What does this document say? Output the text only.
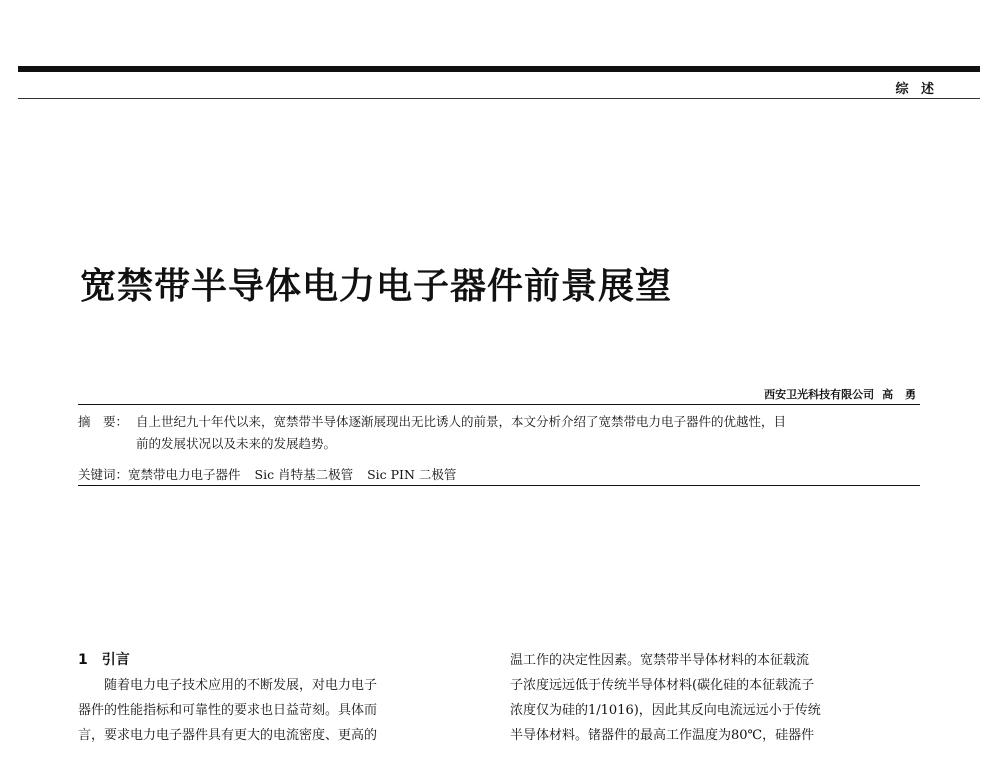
综 述
宽禁带半导体电力电子器件前景展望
西安卫光科技有限公司 高 勇
摘　要： 自上世纪九十年代以来，宽禁带半导体逐渐展现出无比诱人的前景，本文分析介绍了宽禁带电力电子器件的优越性，目
前的发展状况以及未来的发展趋势。
关键词：宽禁带电力电子器件 Sic 肖特基二极管 Sic PIN 二极管
1 引言
随着电力电子技术应用的不断发展，对电力电子
器件的性能指标和可靠性的要求也日益苛刻。具体而
言，要求电力电子器件具有更大的电流密度、更高的
温工作的决定性因素。宽禁带半导体材料的本征载流
子浓度远远低于传统半导体材料(碳化硅的本征载流子
浓度仅为硅的1/1016)，因此其反向电流远远小于传统
半导体材料。锗器件的最高工作温度为80℃，硅器件
